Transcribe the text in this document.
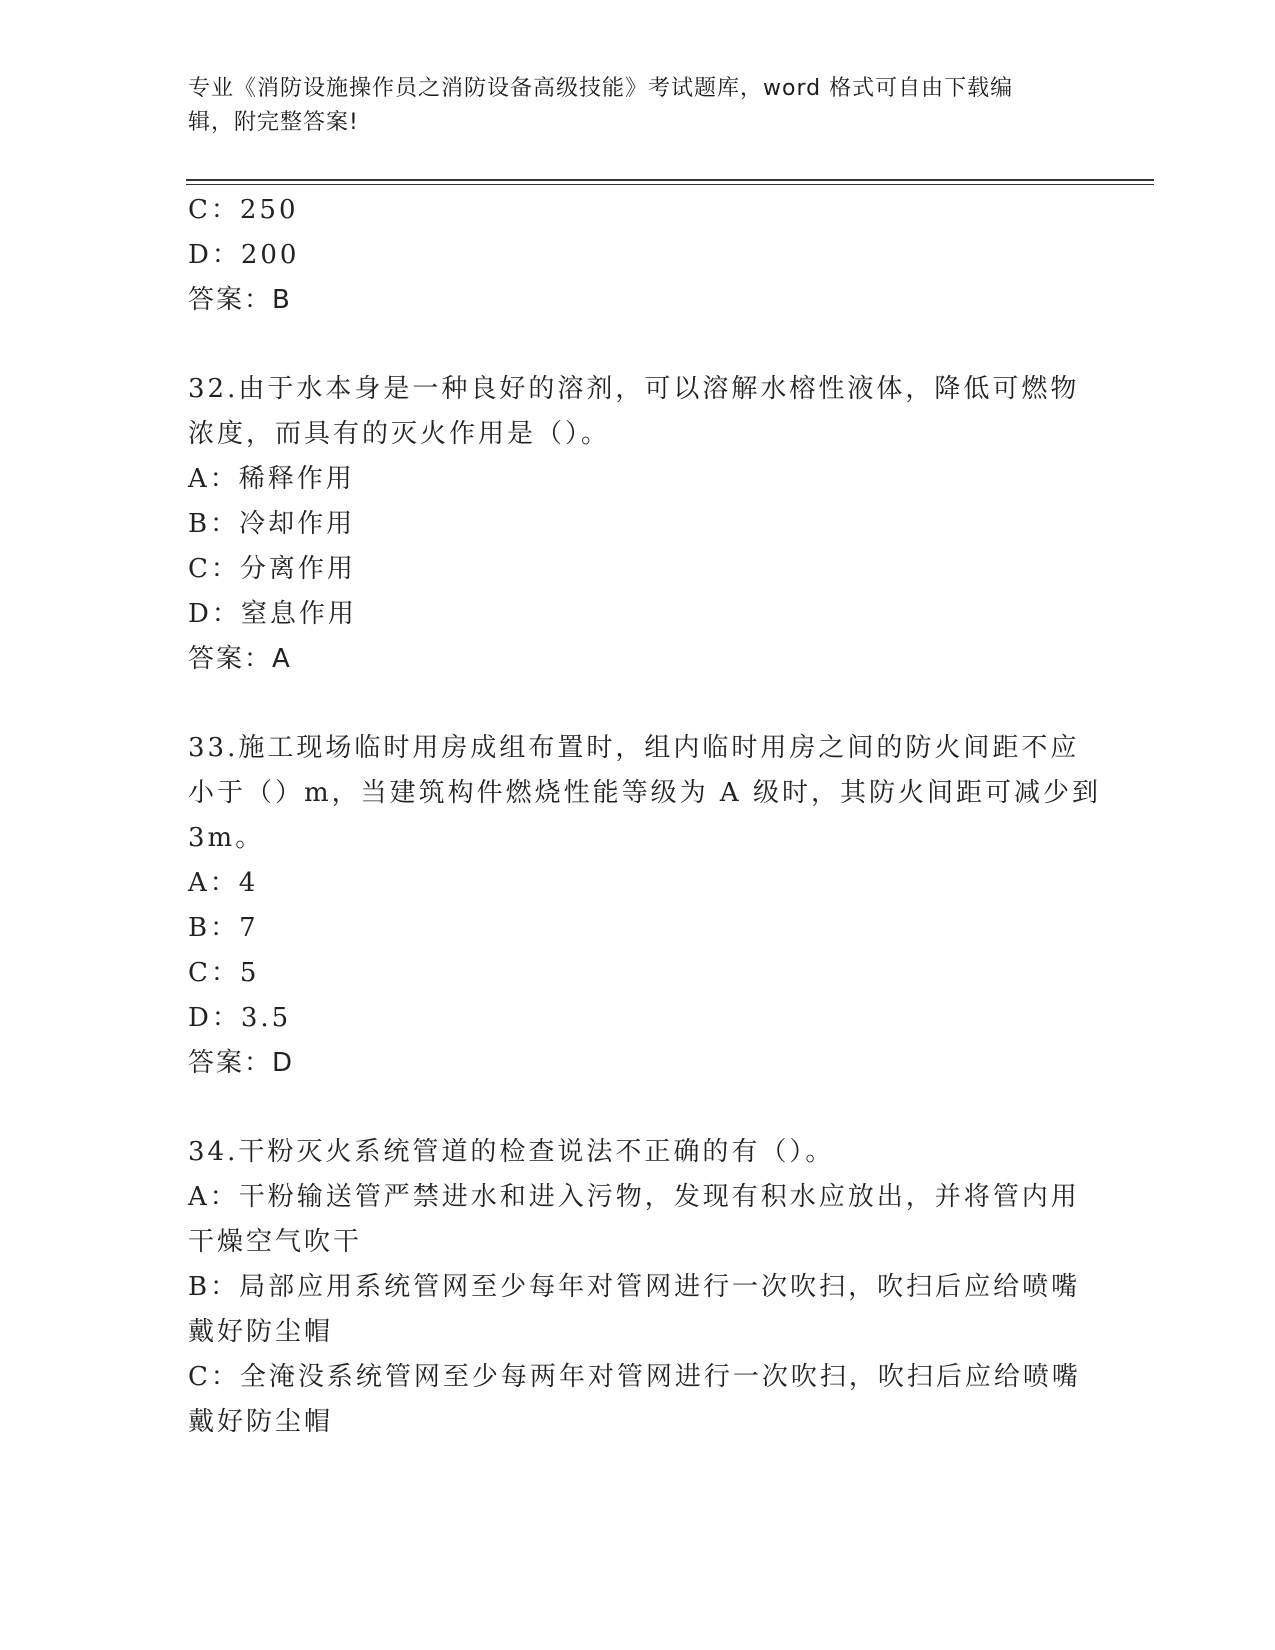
专业《消防设施操作员之消防设备高级技能》考试题库，word 格式可自由下载编
辑，附完整答案!
C：250
D：200
答案：B
32.由于水本身是一种良好的溶剂，可以溶解水榕性液体，降低可燃物
浓度，而具有的灭火作用是（）。
A：稀释作用
B：冷却作用
C：分离作用
D：窒息作用
答案：A
33.施工现场临时用房成组布置时，组内临时用房之间的防火间距不应
小于（）m，当建筑构件燃烧性能等级为 A 级时，其防火间距可减少到
3m。
A：4
B：7
C：5
D：3.5
答案：D
34.干粉灭火系统管道的检查说法不正确的有（）。
A：干粉输送管严禁进水和进入污物，发现有积水应放出，并将管内用
干燥空气吹干
B：局部应用系统管网至少每年对管网进行一次吹扫，吹扫后应给喷嘴
戴好防尘帽
C：全淹没系统管网至少每两年对管网进行一次吹扫，吹扫后应给喷嘴
戴好防尘帽
